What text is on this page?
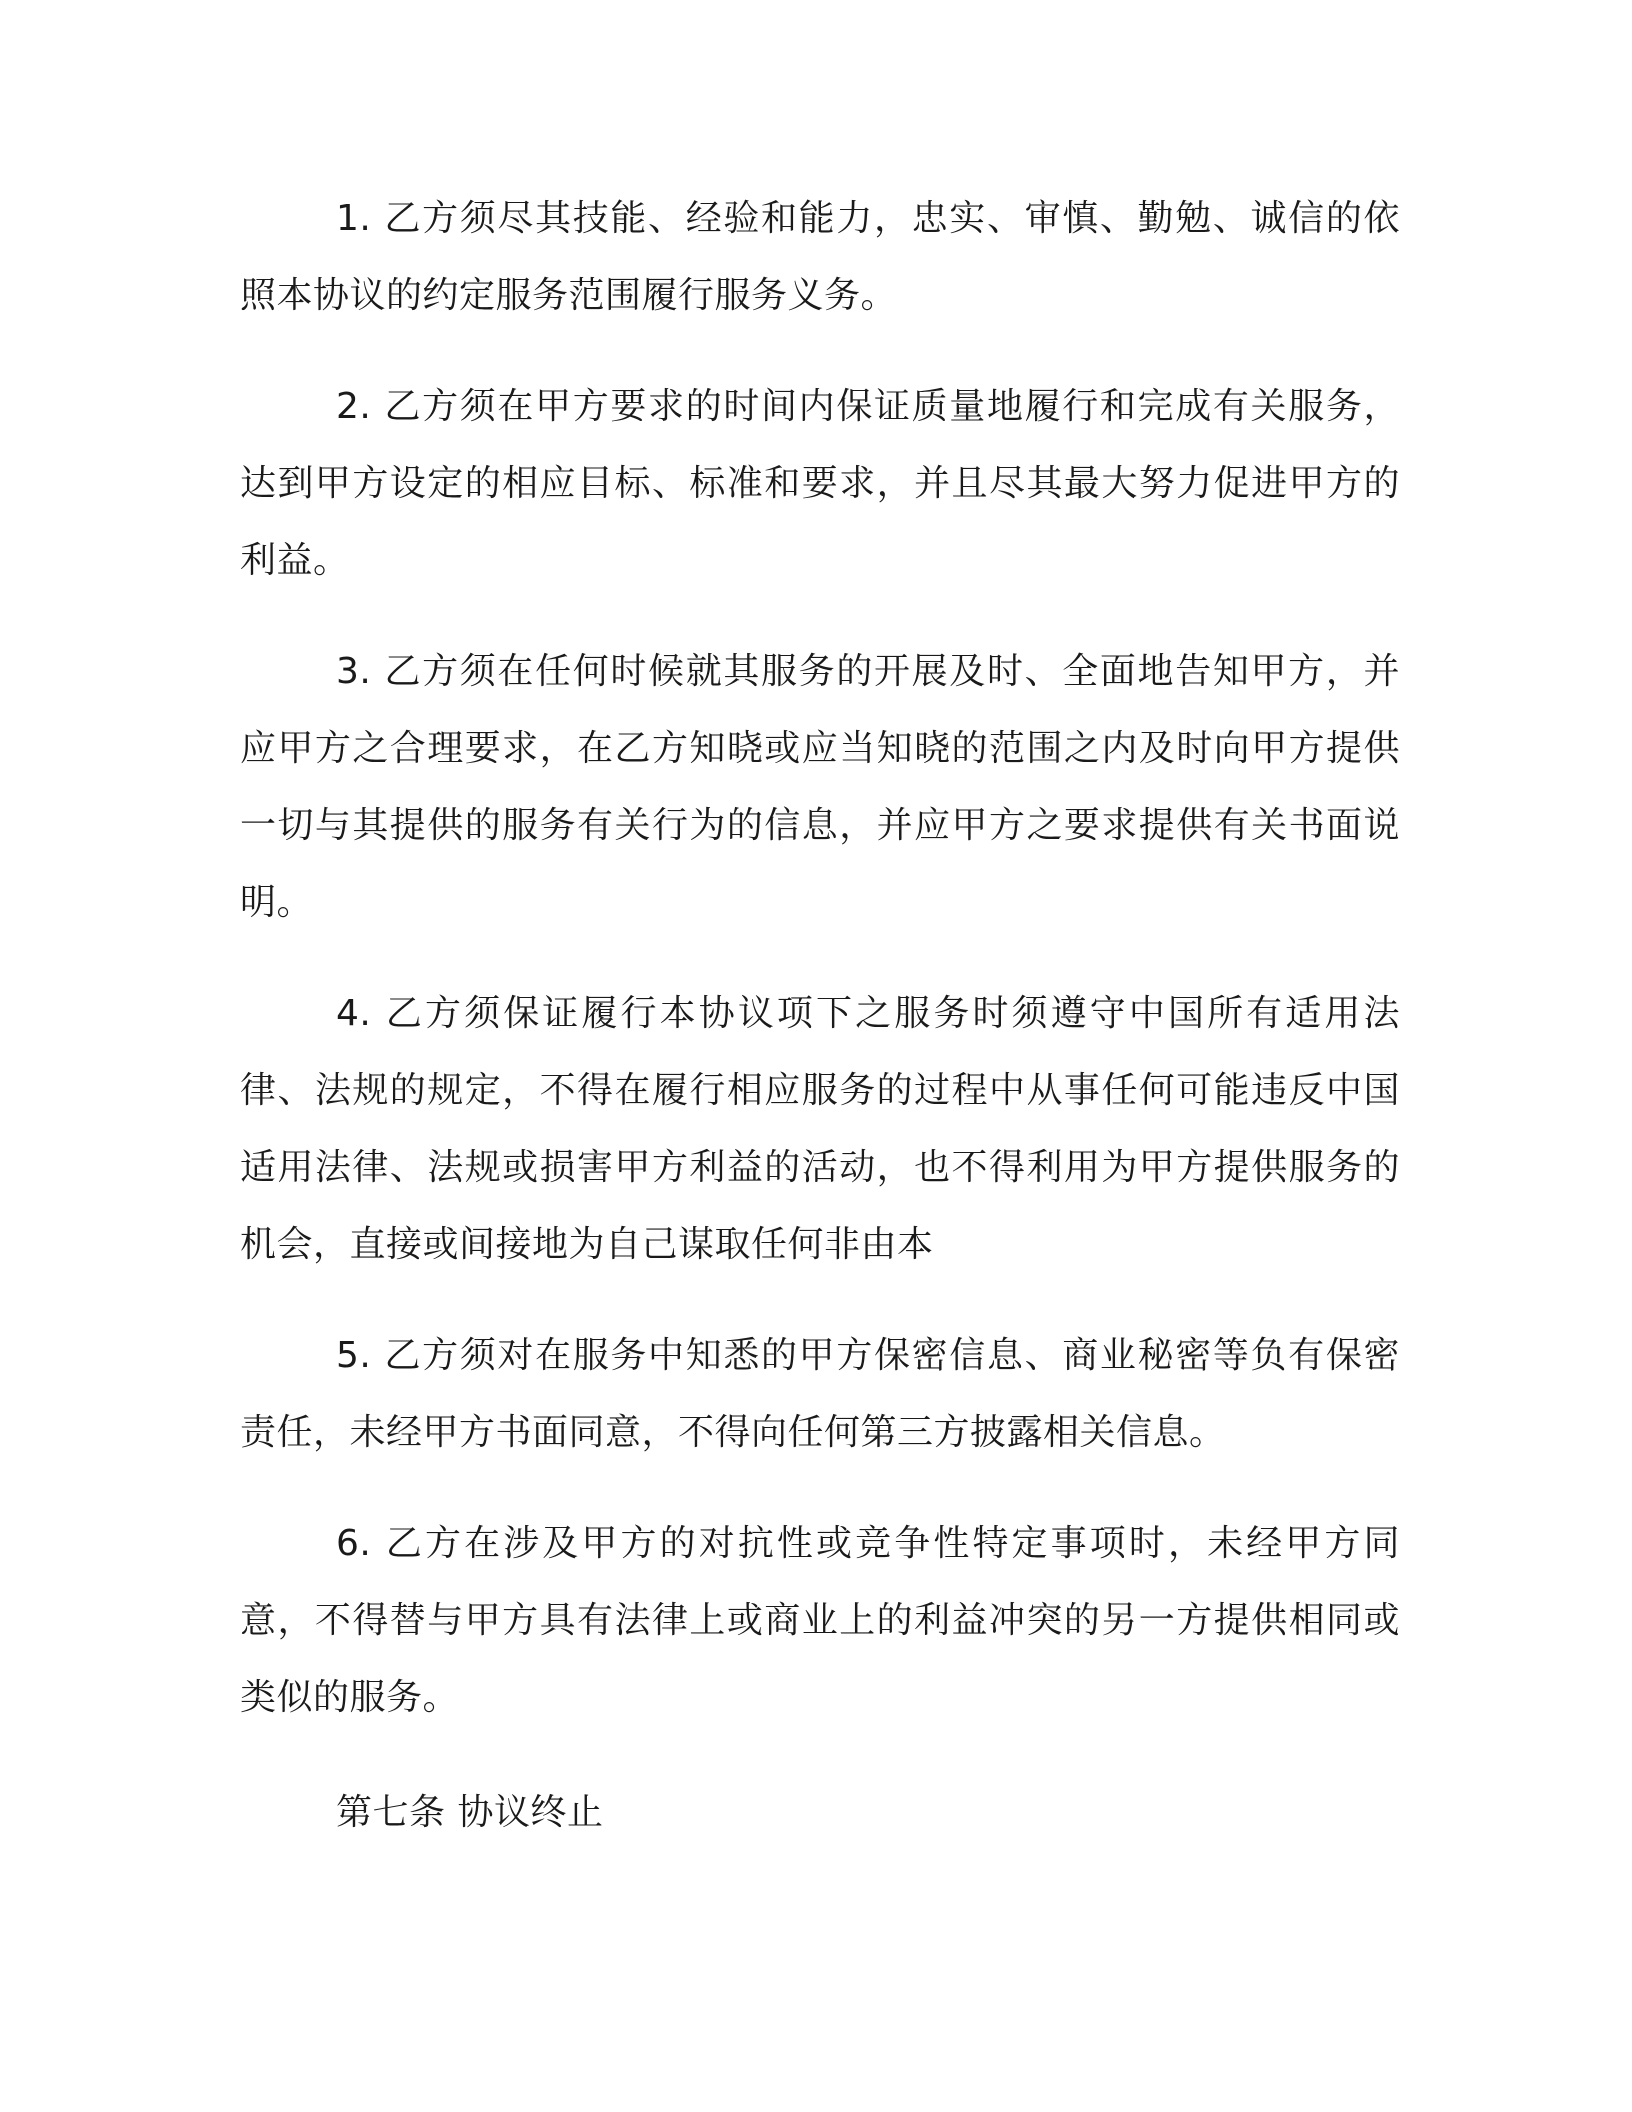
1. 乙方须尽其技能、经验和能力，忠实、审慎、勤勉、诚信的依照本协议的约定服务范围履行服务义务。

2. 乙方须在甲方要求的时间内保证质量地履行和完成有关服务，达到甲方设定的相应目标、标准和要求，并且尽其最大努力促进甲方的利益。

3. 乙方须在任何时候就其服务的开展及时、全面地告知甲方，并应甲方之合理要求，在乙方知晓或应当知晓的范围之内及时向甲方提供一切与其提供的服务有关行为的信息，并应甲方之要求提供有关书面说明。

4. 乙方须保证履行本协议项下之服务时须遵守中国所有适用法律、法规的规定，不得在履行相应服务的过程中从事任何可能违反中国适用法律、法规或损害甲方利益的活动，也不得利用为甲方提供服务的机会，直接或间接地为自己谋取任何非由本

5. 乙方须对在服务中知悉的甲方保密信息、商业秘密等负有保密责任，未经甲方书面同意，不得向任何第三方披露相关信息。

6. 乙方在涉及甲方的对抗性或竞争性特定事项时，未经甲方同意，不得替与甲方具有法律上或商业上的利益冲突的另一方提供相同或类似的服务。

第七条 协议终止
